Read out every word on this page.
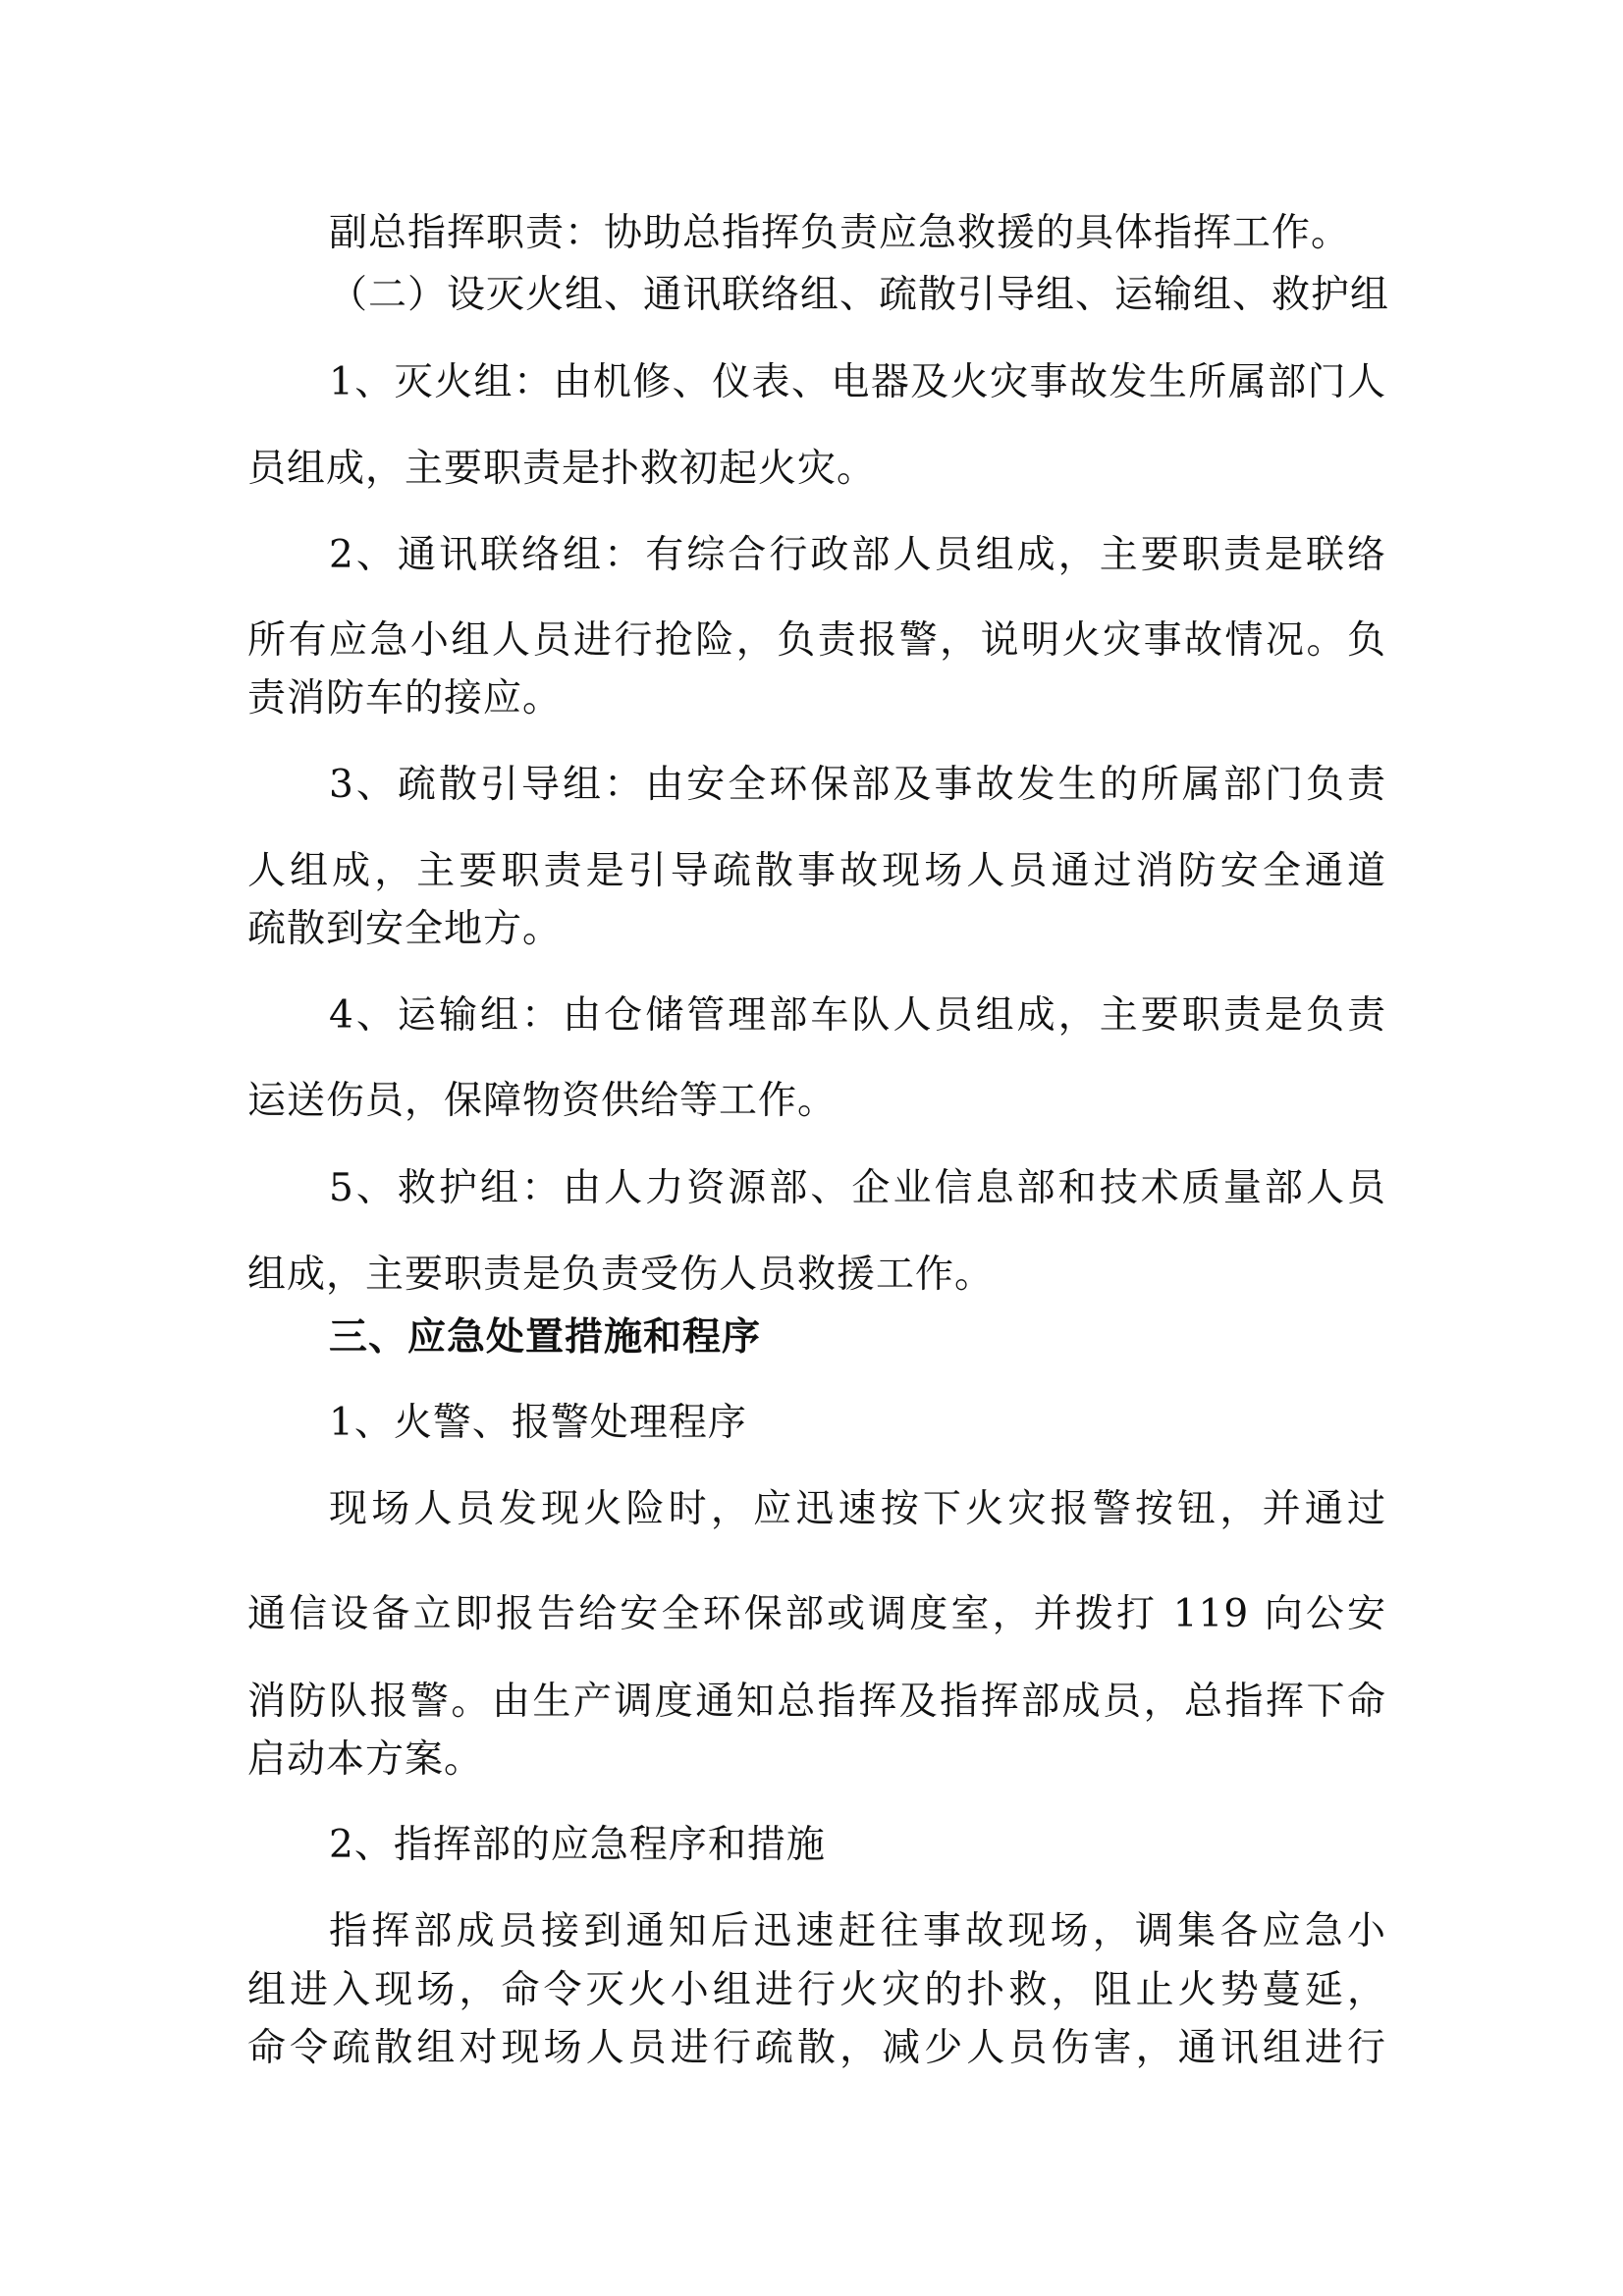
副总指挥职责：协助总指挥负责应急救援的具体指挥工作。
（二）设灭火组、通讯联络组、疏散引导组、运输组、救护组
1、灭火组：由机修、仪表、电器及火灾事故发生所属部门人
员组成，主要职责是扑救初起火灾。
2、通讯联络组：有综合行政部人员组成，主要职责是联络
所有应急小组人员进行抢险，负责报警，说明火灾事故情况。负
责消防车的接应。
3、疏散引导组：由安全环保部及事故发生的所属部门负责
人组成，主要职责是引导疏散事故现场人员通过消防安全通道
疏散到安全地方。
4、运输组：由仓储管理部车队人员组成，主要职责是负责
运送伤员，保障物资供给等工作。
5、救护组：由人力资源部、企业信息部和技术质量部人员
组成，主要职责是负责受伤人员救援工作。
三、应急处置措施和程序
1、火警、报警处理程序
现场人员发现火险时，应迅速按下火灾报警按钮，并通过
通信设备立即报告给安全环保部或调度室，并拨打 119 向公安
消防队报警。由生产调度通知总指挥及指挥部成员，总指挥下命
启动本方案。
2、指挥部的应急程序和措施
指挥部成员接到通知后迅速赶往事故现场，调集各应急小
组进入现场，命令灭火小组进行火灾的扑救，阻止火势蔓延，
命令疏散组对现场人员进行疏散，减少人员伤害，通讯组进行
